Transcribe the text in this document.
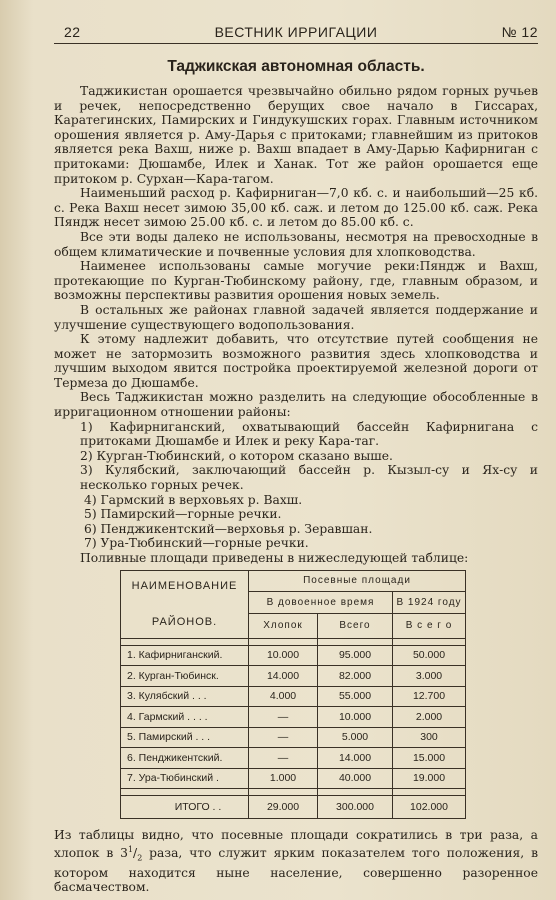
22	ВЕСТНИК ИРРИГАЦИИ	№ 12
Таджикская автономная область.

Таджикистан орошается чрезвычайно обильно рядом горных ручьев и речек, непосредственно берущих свое начало в Гиссарах, Каратегинских, Памирских и Гиндукушских горах. Главным источником орошения является р. Аму-Дарья с притоками; главнейшим из притоков является река Вахш, ниже р. Вахш впадает в Аму-Дарью Кафирниган с притоками: Дюшамбе, Илек и Ханак. Тот же район орошается еще притоком р. Сурхан—Кара-тагом.

Наименьший расход р. Кафирниган—7,0 кб. с. и наибольший—25 кб. с. Река Вахш несет зимою 35,00 кб. саж. и летом до 125.00 кб. саж. Река Пяндж несет зимою 25.00 кб. с. и летом до 85.00 кб. с.

Все эти воды далеко не использованы, несмотря на превосходные в общем климатические и почвенные условия для хлопководства.

Наименее использованы самые могучие реки:Пяндж и Вахш, протекающие по Курган-Тюбинскому району, где, главным образом, и возможны перспективы развития орошения новых земель.

В остальных же районах главной задачей является поддержание и улучшение существующего водопользования.

К этому надлежит добавить, что отсутствие путей сообщения не может не затормозить возможного развития здесь хлопководства и лучшим выходом явится постройка проектируемой железной дороги от Термеза до Дюшамбе.

Весь Таджикистан можно разделить на следующие обособленные в ирригационном отношении районы:

1) Кафирниганский, охватывающий бассейн Кафирнигана с притоками Дюшамбе и Илек и реку Кара-таг.

2) Курган-Тюбинский, о котором сказано выше.

3) Кулябский, заключающий бассейн р. Кызыл-су и Ях-су и несколько горных речек.

4) Гармский в верховьях р. Вахш.

5) Памирский—горные речки.

6) Пенджикентский—верховья р. Зеравшан.

7) Ура-Тюбинский—горные речки.

Поливные площади приведены в нижеследующей таблице:

НАИМЕНОВАНИЕ

РАЙОНОВ.	Посевные площади		
	В довоенное время		В 1924 году
	Хлопок	Всего	В с е г о

1. Кафирниганский.	10.000	95.000	50.000
2. Курган-Тюбинск.	14.000	82.000	3.000
3. Кулябский . . .	4.000	55.000	12.700
4. Гармский . . . .	—	10.000	2.000
5. Памирский . . .	—	5.000	300
6. Пенджикентский.	—	14.000	15.000
7. Ура-Тюбинский .	1.000	40.000	19.000

ИТОГО . .	29.000	300.000	102.000

Из таблицы видно, что посевные площади сократились в три раза, а хлопок в $3^1/_2$ раза, что служит ярким показателем того положения, в котором находится ныне население, совершенно разоренное басмачеством.
